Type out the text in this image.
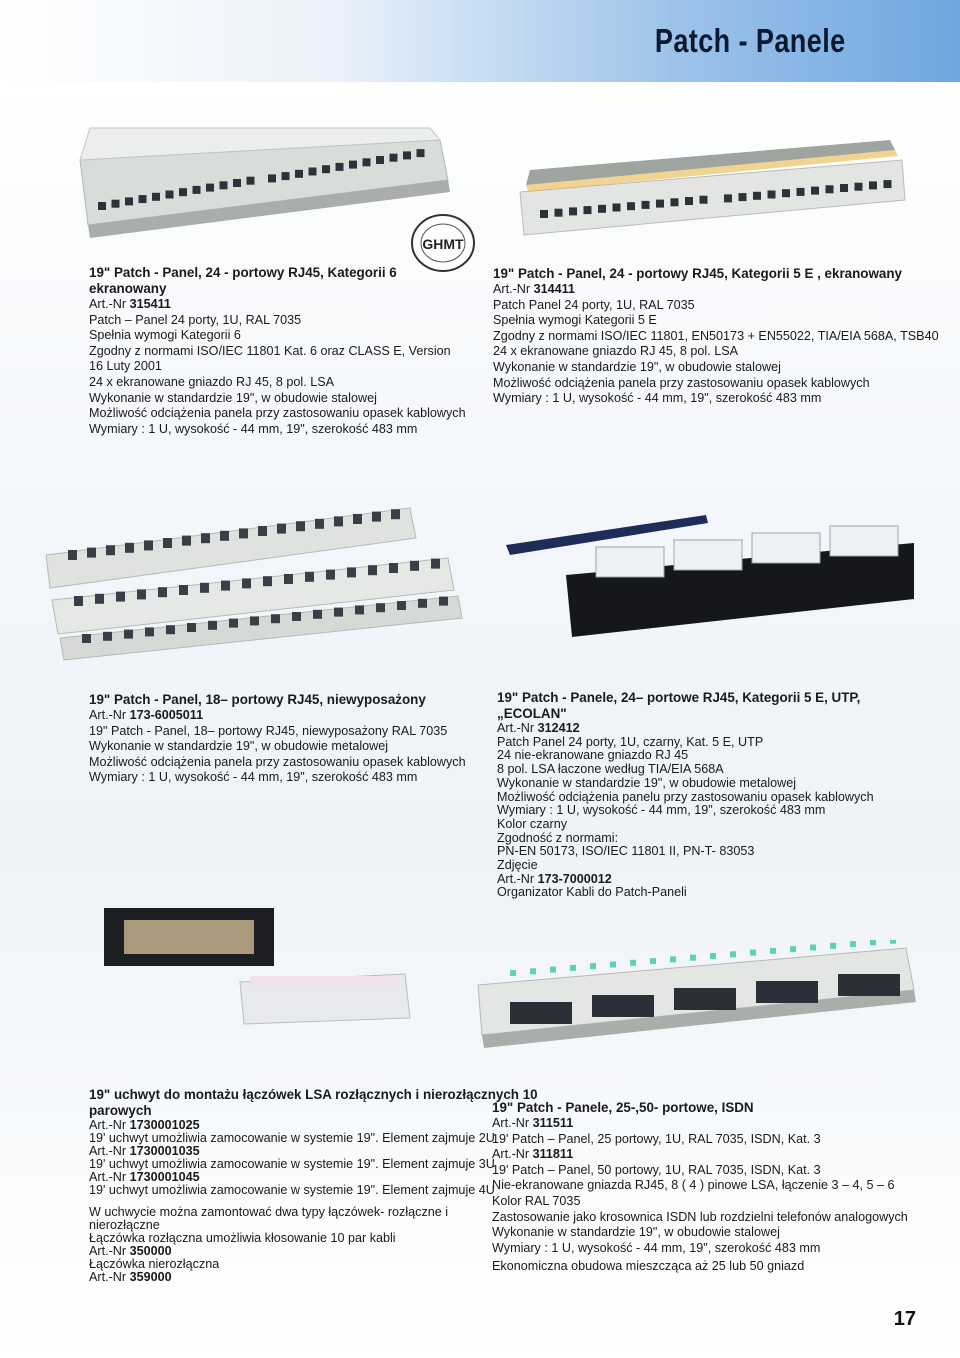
Patch - Panele
GHMT
19" Patch - Panel, 24 - portowy RJ45, Kategorii 6
ekranowany
Art.-Nr 315411
Patch – Panel 24 porty, 1U, RAL 7035
Spełnia wymogi Kategorii 6
Zgodny z normami ISO/IEC 11801 Kat. 6 oraz CLASS E, Version
16 Luty 2001
24 x ekranowane gniazdo RJ 45, 8 pol. LSA
Wykonanie w standardzie 19", w obudowie stalowej
Możliwość odciążenia panela przy zastosowaniu opasek kablowych
Wymiary : 1 U, wysokość - 44 mm, 19", szerokość 483 mm
19" Patch - Panel, 24 - portowy RJ45, Kategorii 5 E , ekranowany
Art.-Nr 314411
Patch Panel 24 porty, 1U, RAL 7035
Spełnia wymogi Kategorii 5 E
Zgodny z normami ISO/IEC 11801, EN50173 + EN55022, TIA/EIA 568A, TSB40
24 x ekranowane gniazdo RJ 45, 8 pol. LSA
Wykonanie w standardzie 19", w obudowie stalowej
Możliwość odciążenia panela przy zastosowaniu opasek kablowych
Wymiary : 1 U, wysokość - 44 mm, 19", szerokość 483 mm
19" Patch - Panel, 18– portowy RJ45, niewyposażony
Art.-Nr 173-6005011
19" Patch - Panel, 18– portowy RJ45, niewyposażony RAL 7035
Wykonanie w standardzie 19", w obudowie metalowej
Możliwość odciążenia panela przy zastosowaniu opasek kablowych
Wymiary : 1 U, wysokość - 44 mm, 19", szerokość 483 mm
19" Patch - Panele, 24– portowe RJ45, Kategorii 5 E, UTP,
„ECOLAN"
Art.-Nr 312412
Patch Panel 24 porty, 1U, czarny, Kat. 5 E, UTP
24 nie-ekranowane gniazdo RJ 45
8 pol. LSA łaczone według TIA/EIA 568A
Wykonanie w standardzie 19", w obudowie metalowej
Możliwość odciążenia panelu przy zastosowaniu opasek kablowych
Wymiary : 1 U, wysokość - 44 mm, 19", szerokość 483 mm
Kolor czarny
Zgodność z normami:
PN-EN 50173, ISO/IEC 11801 II, PN-T- 83053
Zdjęcie
Art.-Nr 173-7000012
Organizator Kabli do Patch-Paneli
19" uchwyt do montażu łączówek LSA rozłącznych i nierozłącznych 10
parowych
Art.-Nr 1730001025
19' uchwyt umożliwia zamocowanie w systemie 19". Element zajmuje 2U
Art.-Nr 1730001035
19' uchwyt umożliwia zamocowanie w systemie 19". Element zajmuje 3U
Art.-Nr 1730001045
19' uchwyt umożliwia zamocowanie w systemie 19". Element zajmuje 4U
W uchwycie można zamontować dwa typy łączówek- rozłączne i
nierozłączne
Łączówka rozłączna umożliwia kłosowanie 10 par kabli
Art.-Nr 350000
Łączówka nierozłączna
Art.-Nr 359000
19" Patch - Panele, 25-,50- portowe, ISDN
Art.-Nr 311511
19' Patch – Panel, 25 portowy, 1U, RAL 7035, ISDN, Kat. 3
Art.-Nr 311811
19' Patch – Panel, 50 portowy, 1U, RAL 7035, ISDN, Kat. 3
Nie-ekranowane gniazda RJ45, 8 ( 4 ) pinowe LSA, łączenie 3 – 4, 5 – 6
Kolor RAL 7035
Zastosowanie jako krosownica ISDN lub rozdzielni telefonów analogowych
Wykonanie w standardzie 19", w obudowie stalowej
Wymiary : 1 U, wysokość - 44 mm, 19", szerokość 483 mm
Ekonomiczna obudowa mieszcząca aż 25 lub 50 gniazd
17
